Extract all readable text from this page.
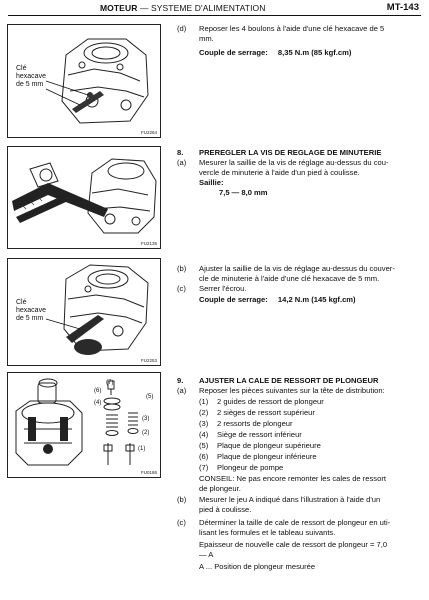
MOTEUR — SYSTEME D'ALIMENTATION	MT-143
Clé
hexacave
de 5 mm
FU2264
FU2135
Clé
hexacave
de 5 mm
FU2253
(7)
(6)
(5)
(4)
(3)
(2)
(1)
FU0186
(d) Reposer les 4 boulons à l'aide d'une clé hexacave de 5
mm.
Couple de serrage: 8,35 N.m (85 kgf.cm)
8. PREREGLER LA VIS DE REGLAGE DE MINUTERIE
(a) Mesurer la saillie de la vis de réglage au-dessus du cou-
vercle de minuterie à l'aide d'un pied à coulisse.
Saillie:
7,5 — 8,0 mm
(b) Ajuster la saillie de la vis de réglage au-dessus du couver-
cle de minuterie à l'aide d'une clé hexacave de 5 mm.
(c) Serrer l'écrou.
Couple de serrage: 14,2 N.m (145 kgf.cm)
9. AJUSTER LA CALE DE RESSORT DE PLONGEUR
(a) Reposer les pièces suivantes sur la tête de distribution:
(1) 2 guides de ressort de plongeur
(2) 2 sièges de ressort supérieur
(3) 2 ressorts de plongeur
(4) Siège de ressort inférieur
(5) Plaque de plongeur supérieure
(6) Plaque de plongeur inférieure
(7) Plongeur de pompe
CONSEIL: Ne pas encore remonter les cales de ressort
de plongeur.
(b) Mesurer le jeu A indiqué dans l'illustration à l'aide d'un
pied à coulisse.
(c) Déterminer la taille de cale de ressort de plongeur en uti-
lisant les formules et le tableau suivants.
Epaisseur de nouvelle cale de ressort de plongeur = 7,0
— A
A ... Position de plongeur mesurée
